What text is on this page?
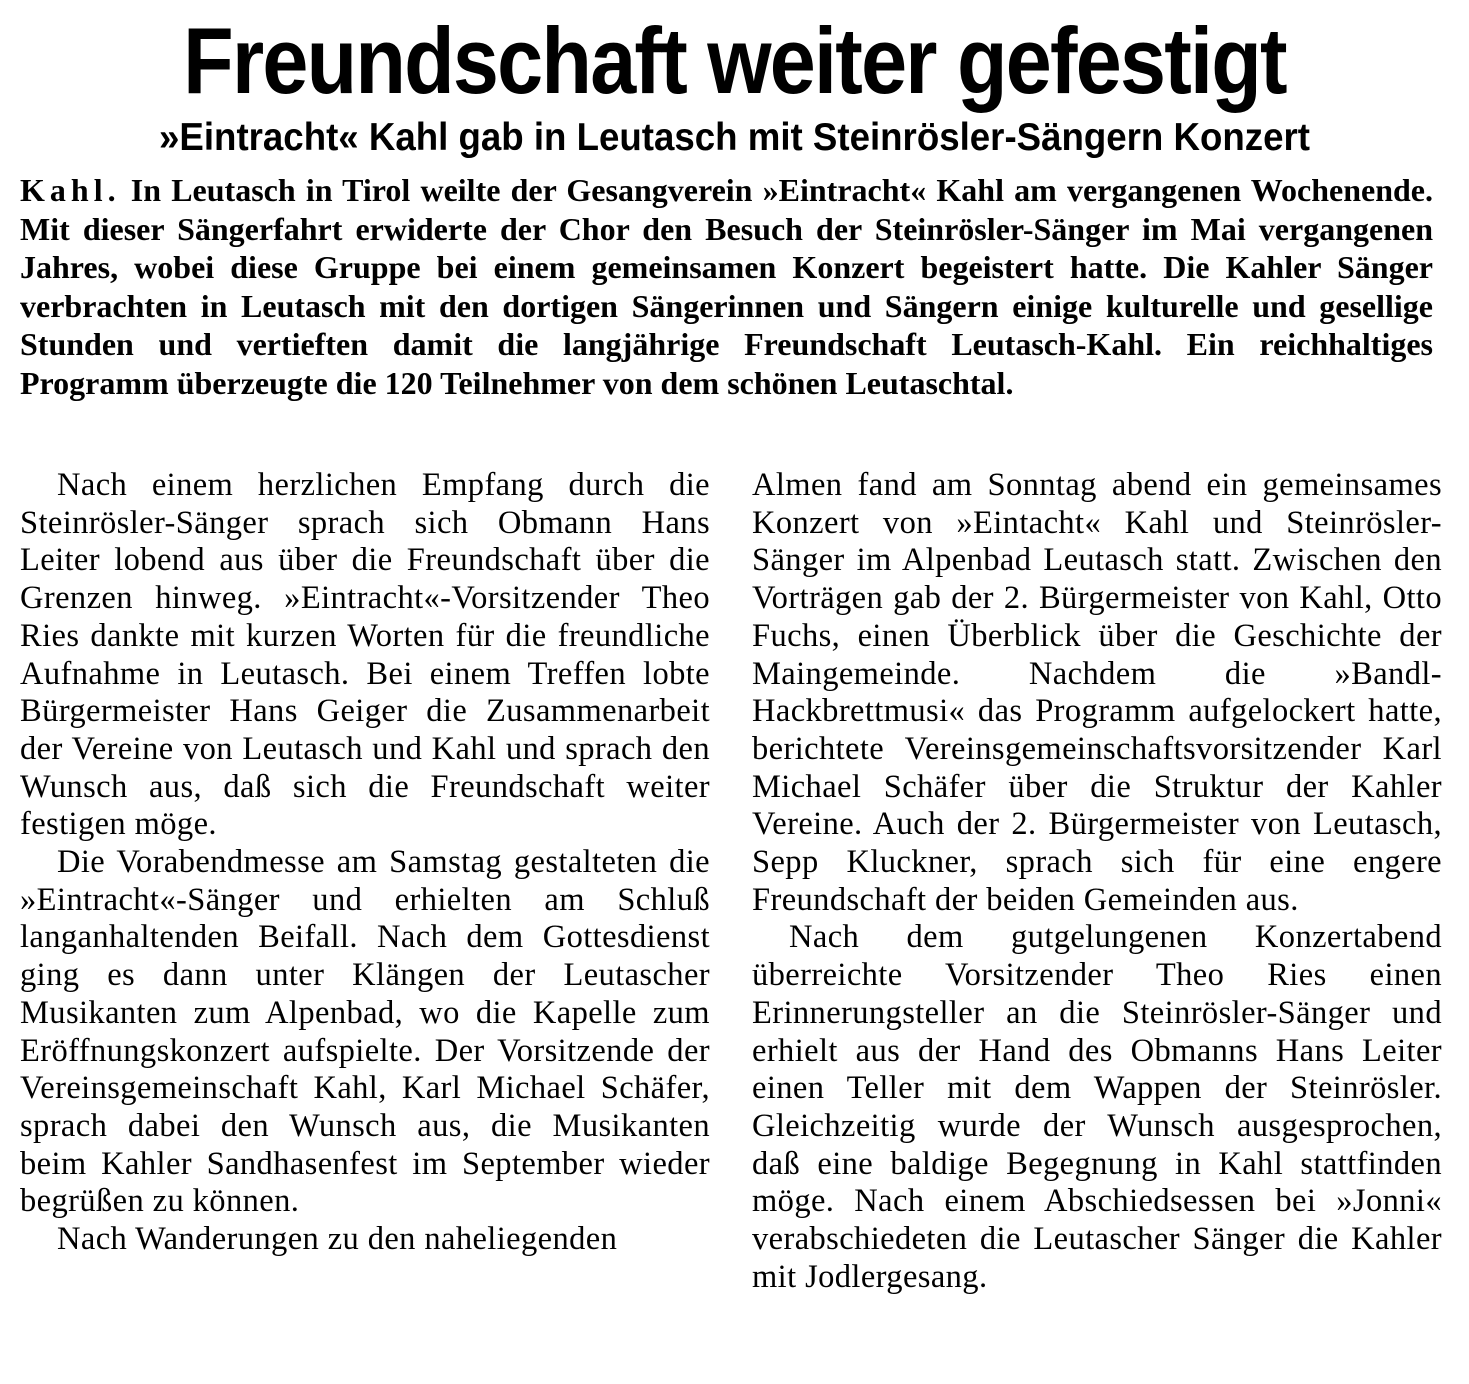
Freundschaft weiter gefestigt
»Eintracht« Kahl gab in Leutasch mit Steinrösler-Sängern Konzert

Kahl. In Leutasch in Tirol weilte der Gesangverein »Eintracht« Kahl am vergangenen Wochenende. Mit dieser Sängerfahrt erwiderte der Chor den Besuch der Steinrösler-Sänger im Mai vergangenen Jahres, wobei diese Gruppe bei einem gemeinsamen Konzert begeistert hatte. Die Kahler Sänger verbrachten in Leutasch mit den dortigen Sängerinnen und Sängern einige kulturelle und gesellige Stunden und vertieften damit die langjährige Freundschaft Leutasch-Kahl. Ein reichhaltiges Programm überzeugte die 120 Teilnehmer von dem schönen Leutaschtal.

Nach einem herzlichen Empfang durch die Steinrösler-Sänger sprach sich Obmann Hans Leiter lobend aus über die Freundschaft über die Grenzen hinweg. »Eintracht«-Vorsitzender Theo Ries dankte mit kurzen Worten für die freundliche Aufnahme in Leutasch. Bei einem Treffen lobte Bürgermeister Hans Geiger die Zusammenarbeit der Vereine von Leutasch und Kahl und sprach den Wunsch aus, daß sich die Freundschaft weiter festigen möge.

Die Vorabendmesse am Samstag gestalteten die »Eintracht«-Sänger und erhielten am Schluß langanhaltenden Beifall. Nach dem Gottesdienst ging es dann unter Klängen der Leutascher Musikanten zum Alpenbad, wo die Kapelle zum Eröffnungskonzert aufspielte. Der Vorsitzende der Vereinsgemeinschaft Kahl, Karl Michael Schäfer, sprach dabei den Wunsch aus, die Musikanten beim Kahler Sandhasenfest im September wieder begrüßen zu können.

Nach Wanderungen zu den naheliegenden

Almen fand am Sonntag abend ein gemeinsames Konzert von »Eintacht« Kahl und Steinrösler-Sänger im Alpenbad Leutasch statt. Zwischen den Vorträgen gab der 2. Bürgermeister von Kahl, Otto Fuchs, einen Überblick über die Geschichte der Maingemeinde. Nachdem die »Bandl-Hackbrettmusi« das Programm aufgelockert hatte, berichtete Vereinsgemeinschaftsvorsitzender Karl Michael Schäfer über die Struktur der Kahler Vereine. Auch der 2. Bürgermeister von Leutasch, Sepp Kluckner, sprach sich für eine engere Freundschaft der beiden Gemeinden aus.

Nach dem gutgelungenen Konzertabend überreichte Vorsitzender Theo Ries einen Erinnerungsteller an die Steinrösler-Sänger und erhielt aus der Hand des Obmanns Hans Leiter einen Teller mit dem Wappen der Steinrösler. Gleichzeitig wurde der Wunsch ausgesprochen, daß eine baldige Begegnung in Kahl stattfinden möge. Nach einem Abschiedsessen bei »Jonni« verabschiedeten die Leutascher Sänger die Kahler mit Jodlergesang.
